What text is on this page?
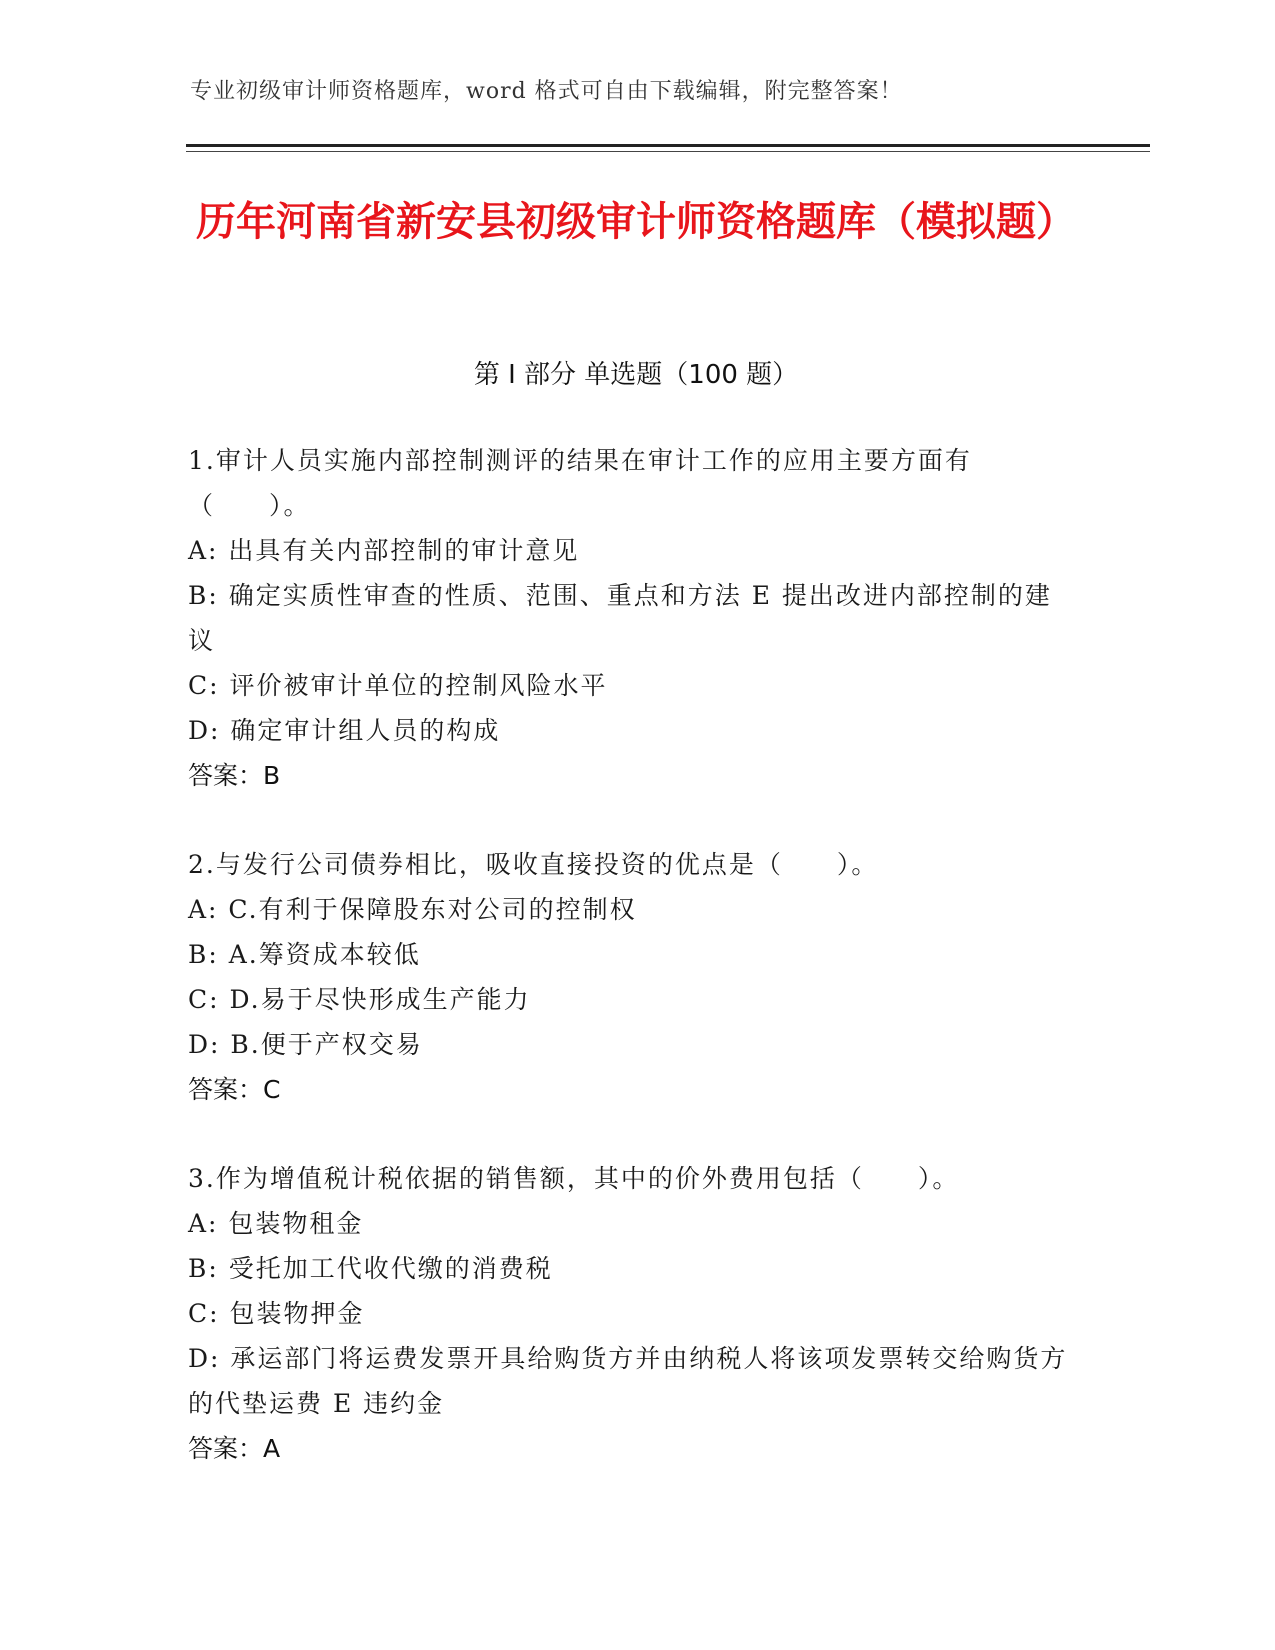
专业初级审计师资格题库，word 格式可自由下载编辑，附完整答案！
历年河南省新安县初级审计师资格题库（模拟题）
第 I 部分 单选题（100 题）

1.审计人员实施内部控制测评的结果在审计工作的应用主要方面有（　　）。

A: 出具有关内部控制的审计意见

B: 确定实质性审查的性质、范围、重点和方法 E 提出改进内部控制的建议

C: 评价被审计单位的控制风险水平

D: 确定审计组人员的构成

答案：B

2.与发行公司债券相比，吸收直接投资的优点是（　　）。

A: C.有利于保障股东对公司的控制权

B: A.筹资成本较低

C: D.易于尽快形成生产能力

D: B.便于产权交易

答案：C

3.作为增值税计税依据的销售额，其中的价外费用包括（　　）。

A: 包装物租金

B: 受托加工代收代缴的消费税

C: 包装物押金

D: 承运部门将运费发票开具给购货方并由纳税人将该项发票转交给购货方的代垫运费 E 违约金

答案：A
